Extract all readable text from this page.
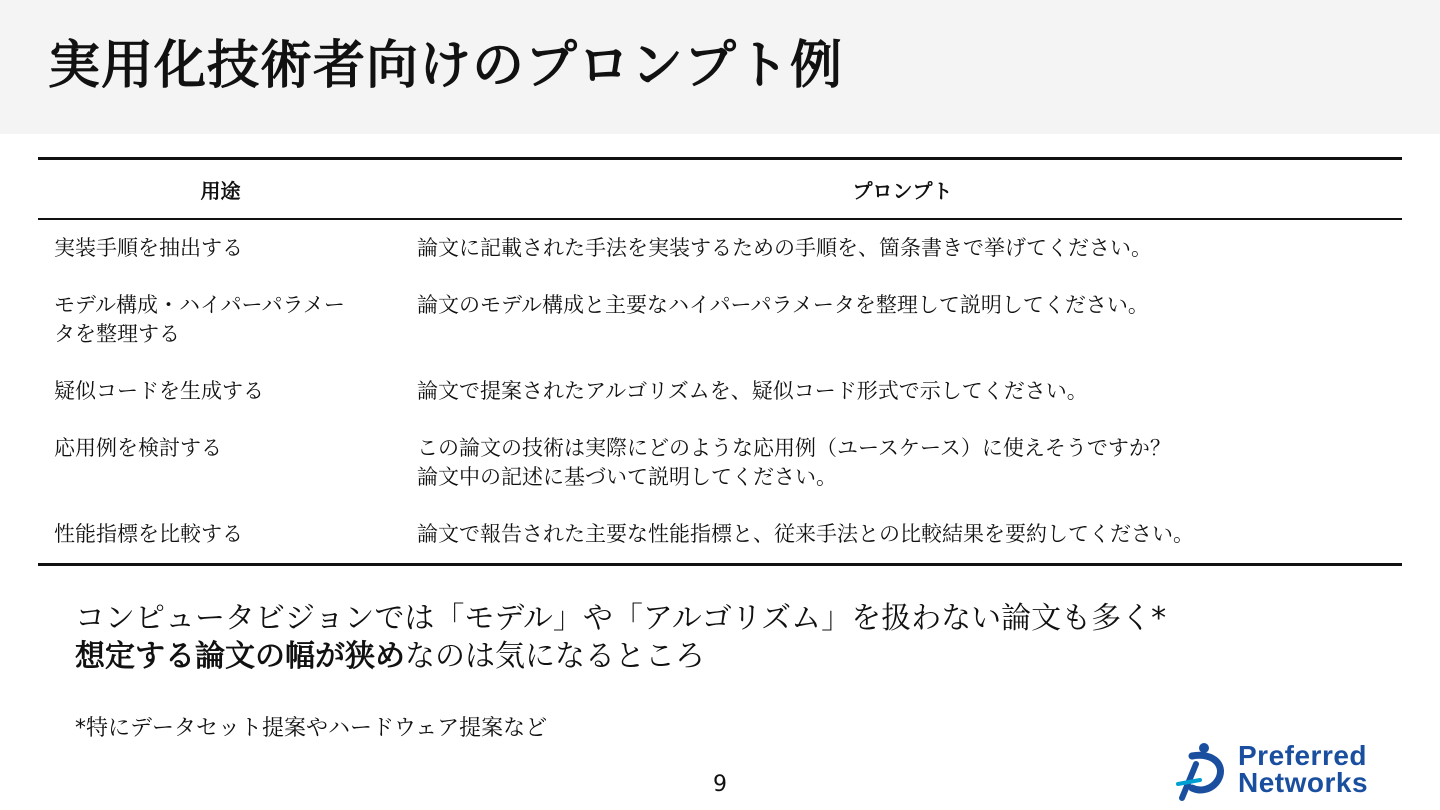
実用化技術者向けのプロンプト例
用途	プロンプト

実装手順を抽出する	論文に記載された手法を実装するための手順を、箇条書きで挙げてください。

モデル構成・ハイパーパラメー
タを整理する	論文のモデル構成と主要なハイパーパラメータを整理して説明してください。

疑似コードを生成する	論文で提案されたアルゴリズムを、疑似コード形式で示してください。

応用例を検討する	この論文の技術は実際にどのような応用例（ユースケース）に使えそうですか？
論文中の記述に基づいて説明してください。

性能指標を比較する	論文で報告された主要な性能指標と、従来手法との比較結果を要約してください。
コンピュータビジョンでは「モデル」や「アルゴリズム」を扱わない論文も多く*
想定する論文の幅が狭めなのは気になるところ
*特にデータセット提案やハードウェア提案など
9
Preferred
Networks
